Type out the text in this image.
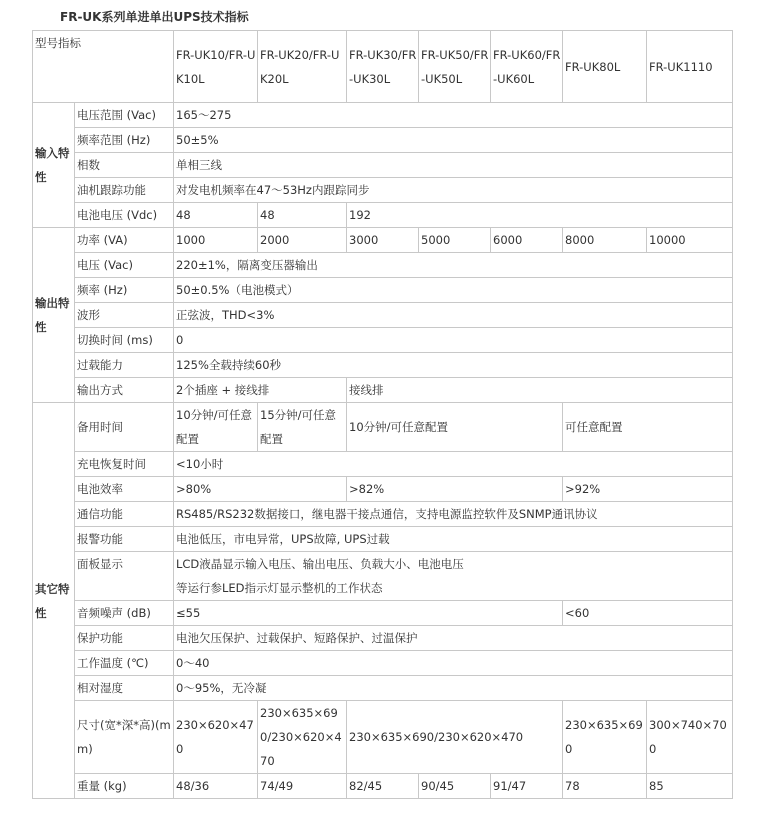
FR-UK系列单进单出UPS技术指标
型号指标		FR-UK10/FR-UK10L	FR-UK20/FR-UK20L	FR-UK30/FR-UK30L	FR-UK50/FR-UK50L	FR-UK60/FR-UK60L	FR-UK80L	FR-UK1110
输入特性	电压范围 (Vac)	165～275						
	频率范围 (Hz)	50±5%						
	相数	单相三线						
	油机跟踪功能	对发电机频率在47～53Hz内跟踪同步						
	电池电压 (Vdc)	48	48	192				
输出特性	功率 (VA)	1000	2000	3000	5000	6000	8000	10000
	电压 (Vac)	220±1%，隔离变压器输出						
	频率 (Hz)	50±0.5%（电池模式）						
	波形	正弦波，THD<3%						
	切换时间 (ms)	0						
	过载能力	125%全载持续60秒						
	输出方式	2个插座 + 接线排		接线排				
其它特性	备用时间	10分钟/可任意配置	15分钟/可任意配置	10分钟/可任意配置			可任意配置	
	充电恢复时间	<10小时						
	电池效率	>80%		>82%			>92%	
	通信功能	RS485/RS232数据接口，继电器干接点通信，支持电源监控软件及SNMP通讯协议						
	报警功能	电池低压，市电异常，UPS故障, UPS过载						
	面板显示	LCD液晶显示输入电压、输出电压、负载大小、电池电压
等运行参LED指示灯显示整机的工作状态						

	音频噪声 (dB)	≤55					<60	
	保护功能	电池欠压保护、过载保护、短路保护、过温保护						
	工作温度 (℃)	0～40						
	相对湿度	0～95%，无冷凝						
	尺寸(宽*深*高)(mm)	230×620×470	230×635×690/230×620×470	230×635×690/230×620×470			230×635×690	300×740×700
	重量 (kg)	48/36	74/49	82/45	90/45	91/47	78	85
